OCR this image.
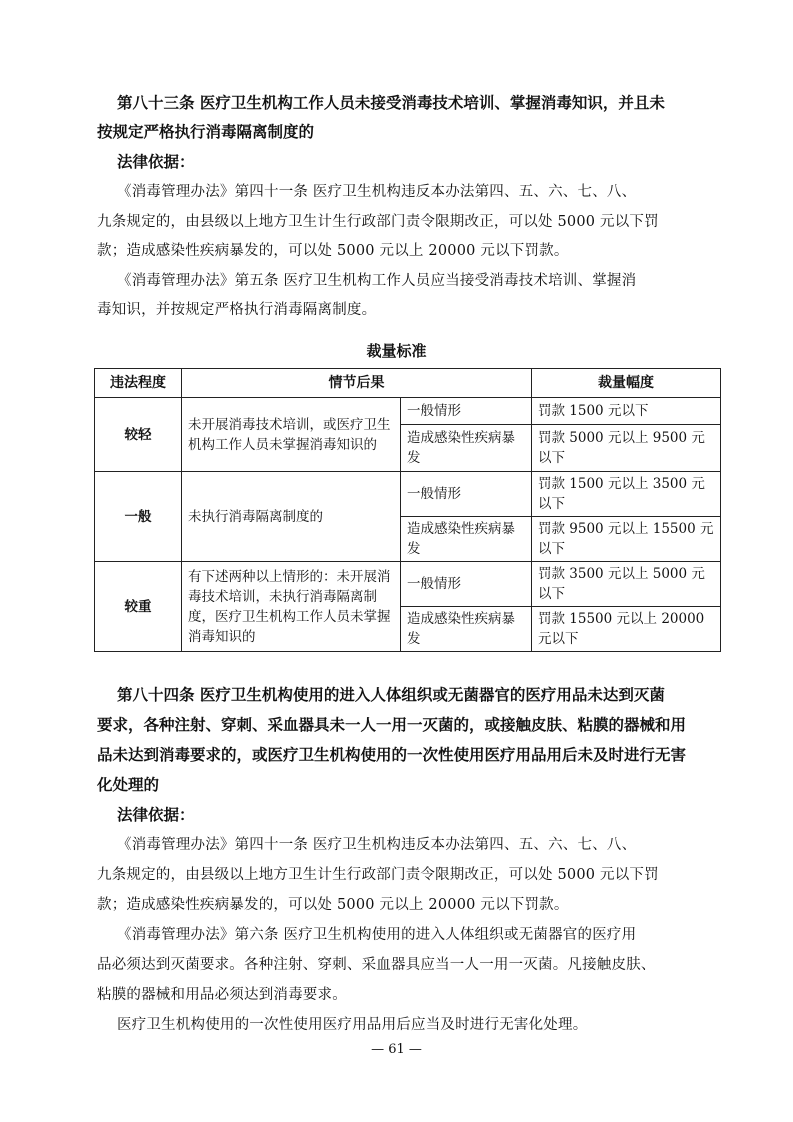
第八十三条 医疗卫生机构工作人员未接受消毒技术培训、掌握消毒知识，并且未
按规定严格执行消毒隔离制度的
法律依据：
《消毒管理办法》第四十一条 医疗卫生机构违反本办法第四、五、六、七、八、
九条规定的，由县级以上地方卫生计生行政部门责令限期改正，可以处 5000 元以下罚
款；造成感染性疾病暴发的，可以处 5000 元以上 20000 元以下罚款。
《消毒管理办法》第五条 医疗卫生机构工作人员应当接受消毒技术培训、掌握消
毒知识，并按规定严格执行消毒隔离制度。
裁量标准
违法程度	情节后果		裁量幅度
较轻	未开展消毒技术培训，或医疗卫生机构工作人员未掌握消毒知识的	一般情形	罚款 1500 元以下
		造成感染性疾病暴发	罚款 5000 元以上 9500 元以下
一般	未执行消毒隔离制度的	一般情形	罚款 1500 元以上 3500 元以下
		造成感染性疾病暴发	罚款 9500 元以上 15500 元以下
较重	有下述两种以上情形的：未开展消毒技术培训，未执行消毒隔离制度，医疗卫生机构工作人员未掌握消毒知识的	一般情形	罚款 3500 元以上 5000 元以下
		造成感染性疾病暴发	罚款 15500 元以上 20000 元以下
第八十四条 医疗卫生机构使用的进入人体组织或无菌器官的医疗用品未达到灭菌
要求，各种注射、穿刺、采血器具未一人一用一灭菌的，或接触皮肤、粘膜的器械和用
品未达到消毒要求的，或医疗卫生机构使用的一次性使用医疗用品用后未及时进行无害
化处理的
法律依据：
《消毒管理办法》第四十一条 医疗卫生机构违反本办法第四、五、六、七、八、
九条规定的，由县级以上地方卫生计生行政部门责令限期改正，可以处 5000 元以下罚
款；造成感染性疾病暴发的，可以处 5000 元以上 20000 元以下罚款。
《消毒管理办法》第六条 医疗卫生机构使用的进入人体组织或无菌器官的医疗用
品必须达到灭菌要求。各种注射、穿刺、采血器具应当一人一用一灭菌。凡接触皮肤、
粘膜的器械和用品必须达到消毒要求。
医疗卫生机构使用的一次性使用医疗用品用后应当及时进行无害化处理。
— 61 —
